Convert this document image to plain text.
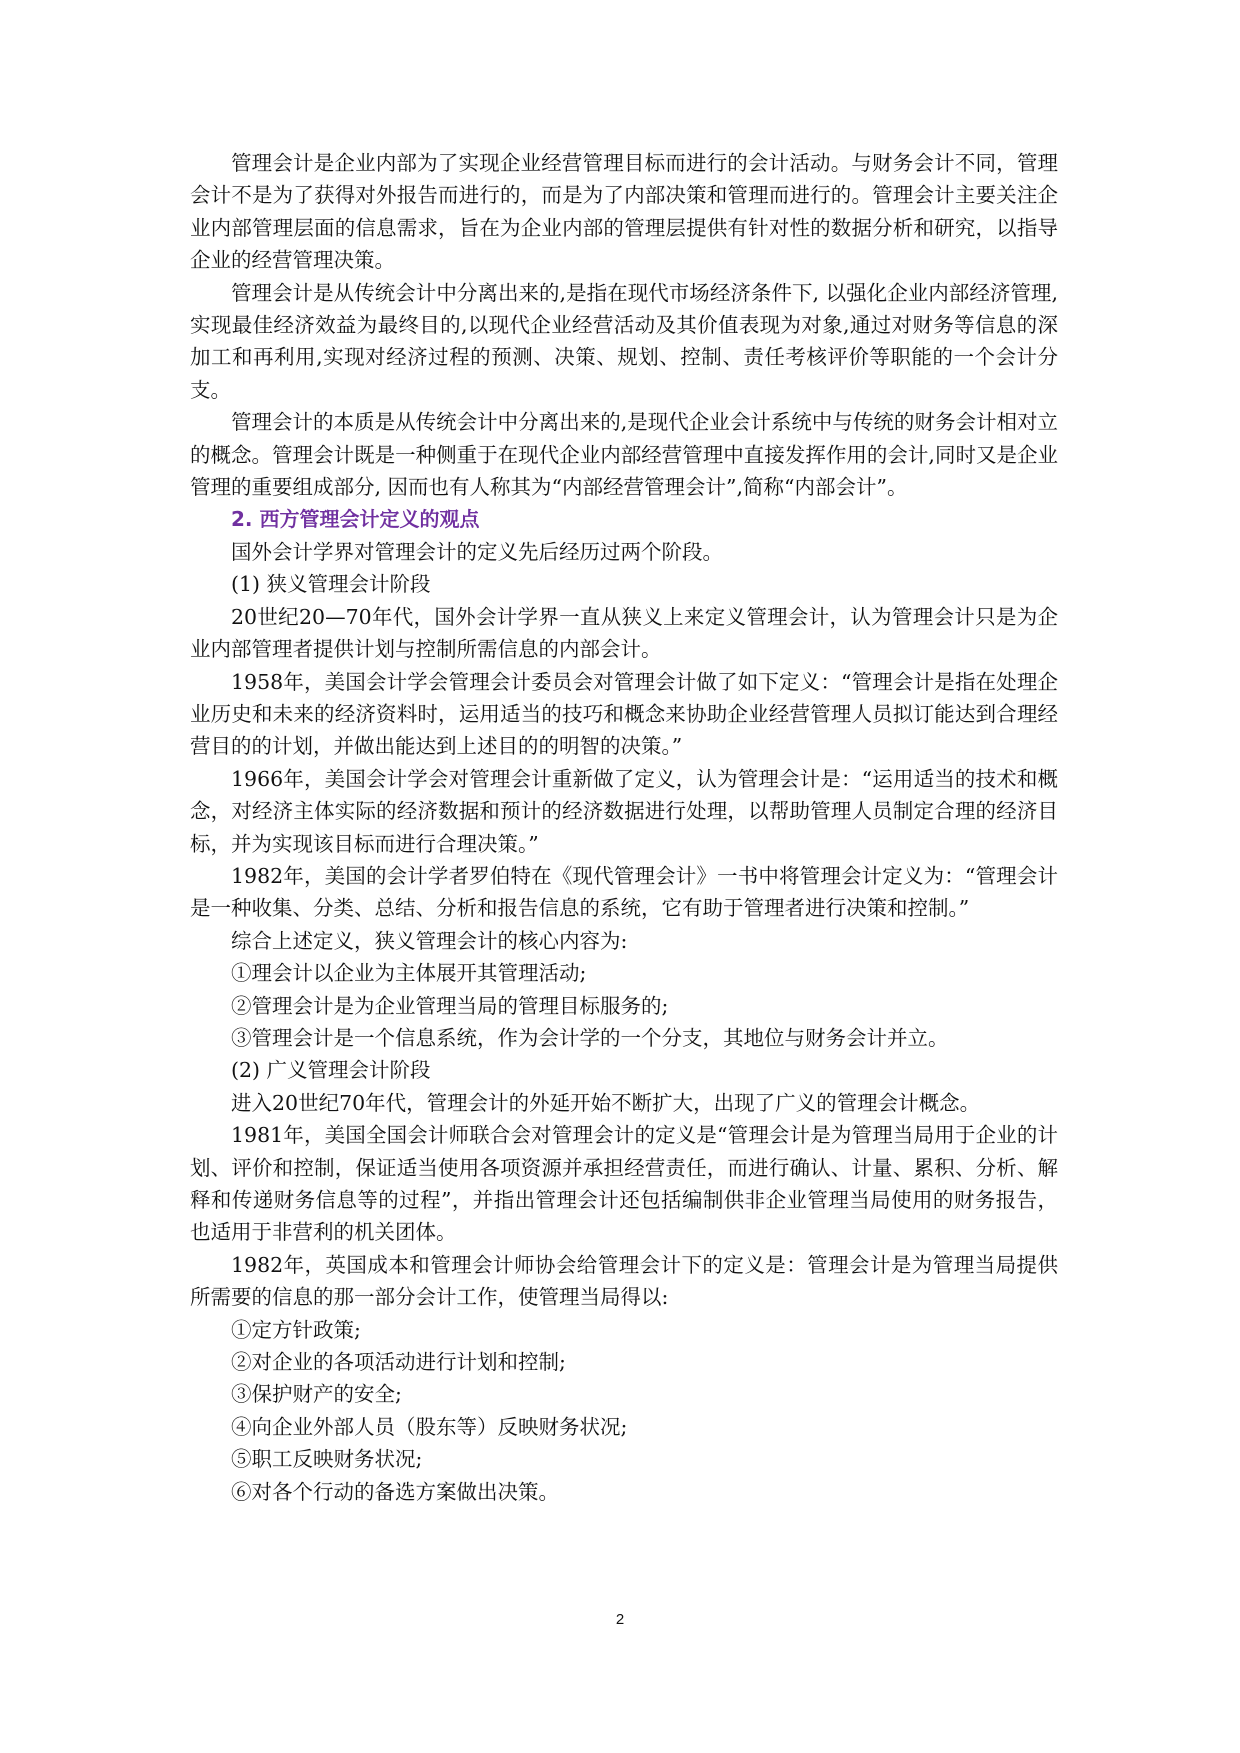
管理会计是企业内部为了实现企业经营管理目标而进行的会计活动。与财务会计不同，管理会计不是为了获得对外报告而进行的，而是为了内部决策和管理而进行的。管理会计主要关注企业内部管理层面的信息需求，旨在为企业内部的管理层提供有针对性的数据分析和研究，以指导企业的经营管理决策。

管理会计是从传统会计中分离出来的,是指在现代市场经济条件下, 以强化企业内部经济管理,实现最佳经济效益为最终目的,以现代企业经营活动及其价值表现为对象,通过对财务等信息的深加工和再利用,实现对经济过程的预测、决策、规划、控制、责任考核评价等职能的一个会计分支。

管理会计的本质是从传统会计中分离出来的,是现代企业会计系统中与传统的财务会计相对立的概念。管理会计既是一种侧重于在现代企业内部经营管理中直接发挥作用的会计,同时又是企业管理的重要组成部分, 因而也有人称其为“内部经营管理会计”,简称“内部会计”。

2. 西方管理会计定义的观点

国外会计学界对管理会计的定义先后经历过两个阶段。

(1) 狭义管理会计阶段

20世纪20—70年代，国外会计学界一直从狭义上来定义管理会计，认为管理会计只是为企业内部管理者提供计划与控制所需信息的内部会计。

1958年，美国会计学会管理会计委员会对管理会计做了如下定义：“管理会计是指在处理企业历史和未来的经济资料时，运用适当的技巧和概念来协助企业经营管理人员拟订能达到合理经营目的的计划，并做出能达到上述目的的明智的决策。”

1966年，美国会计学会对管理会计重新做了定义，认为管理会计是：“运用适当的技术和概念，对经济主体实际的经济数据和预计的经济数据进行处理，以帮助管理人员制定合理的经济目标，并为实现该目标而进行合理决策。”

1982年，美国的会计学者罗伯特在《现代管理会计》一书中将管理会计定义为：“管理会计是一种收集、分类、总结、分析和报告信息的系统，它有助于管理者进行决策和控制。”

综合上述定义，狭义管理会计的核心内容为:

①理会计以企业为主体展开其管理活动;

②管理会计是为企业管理当局的管理目标服务的;

③管理会计是一个信息系统，作为会计学的一个分支，其地位与财务会计并立。

(2) 广义管理会计阶段

进入20世纪70年代，管理会计的外延开始不断扩大，出现了广义的管理会计概念。

1981年，美国全国会计师联合会对管理会计的定义是“管理会计是为管理当局用于企业的计划、评价和控制，保证适当使用各项资源并承担经营责任，而进行确认、计量、累积、分析、解释和传递财务信息等的过程”，并指出管理会计还包括编制供非企业管理当局使用的财务报告，也适用于非营利的机关团体。

1982年，英国成本和管理会计师协会给管理会计下的定义是：管理会计是为管理当局提供所需要的信息的那一部分会计工作，使管理当局得以:

①定方针政策;

②对企业的各项活动进行计划和控制;

③保护财产的安全;

④向企业外部人员（股东等）反映财务状况;

⑤职工反映财务状况;

⑥对各个行动的备选方案做出决策。

2
